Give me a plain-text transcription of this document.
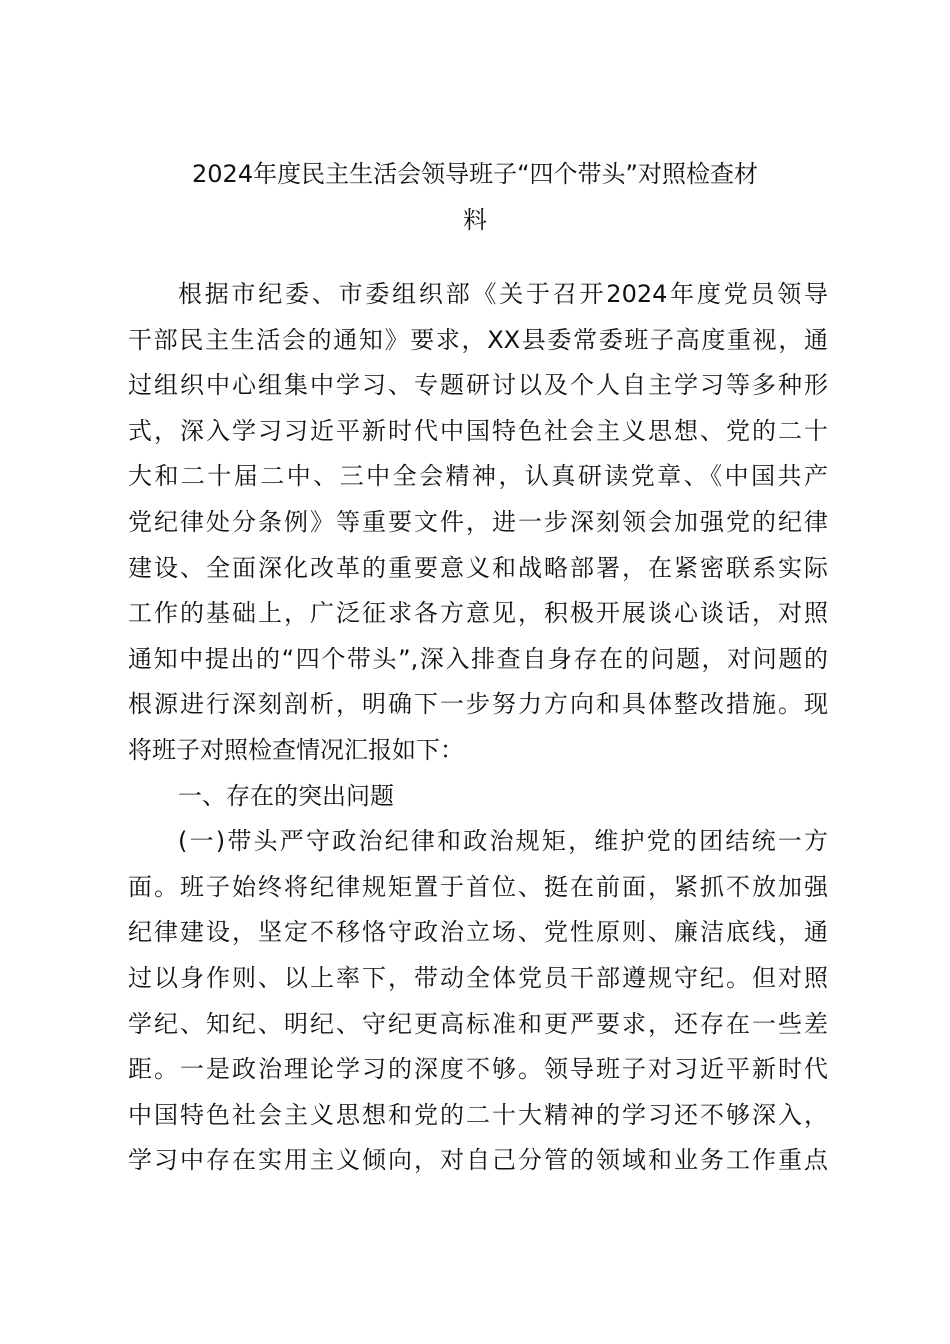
2024年度民主生活会领导班子“四个带头”对照检查材
料
根据市纪委、市委组织部《关于召开2024年度党员领导
干部民主生活会的通知》要求，XX县委常委班子高度重视，通
过组织中心组集中学习、专题研讨以及个人自主学习等多种形
式，深入学习习近平新时代中国特色社会主义思想、党的二十
大和二十届二中、三中全会精神，认真研读党章、《中国共产
党纪律处分条例》等重要文件，进一步深刻领会加强党的纪律
建设、全面深化改革的重要意义和战略部署，在紧密联系实际
工作的基础上，广泛征求各方意见，积极开展谈心谈话，对照
通知中提出的“四个带头”,深入排查自身存在的问题，对问题的
根源进行深刻剖析，明确下一步努力方向和具体整改措施。现
将班子对照检查情况汇报如下：
一、存在的突出问题
(一)带头严守政治纪律和政治规矩，维护党的团结统一方
面。班子始终将纪律规矩置于首位、挺在前面，紧抓不放加强
纪律建设，坚定不移恪守政治立场、党性原则、廉洁底线，通
过以身作则、以上率下，带动全体党员干部遵规守纪。但对照
学纪、知纪、明纪、守纪更高标准和更严要求，还存在一些差
距。一是政治理论学习的深度不够。领导班子对习近平新时代
中国特色社会主义思想和党的二十大精神的学习还不够深入，
学习中存在实用主义倾向，对自己分管的领域和业务工作重点
